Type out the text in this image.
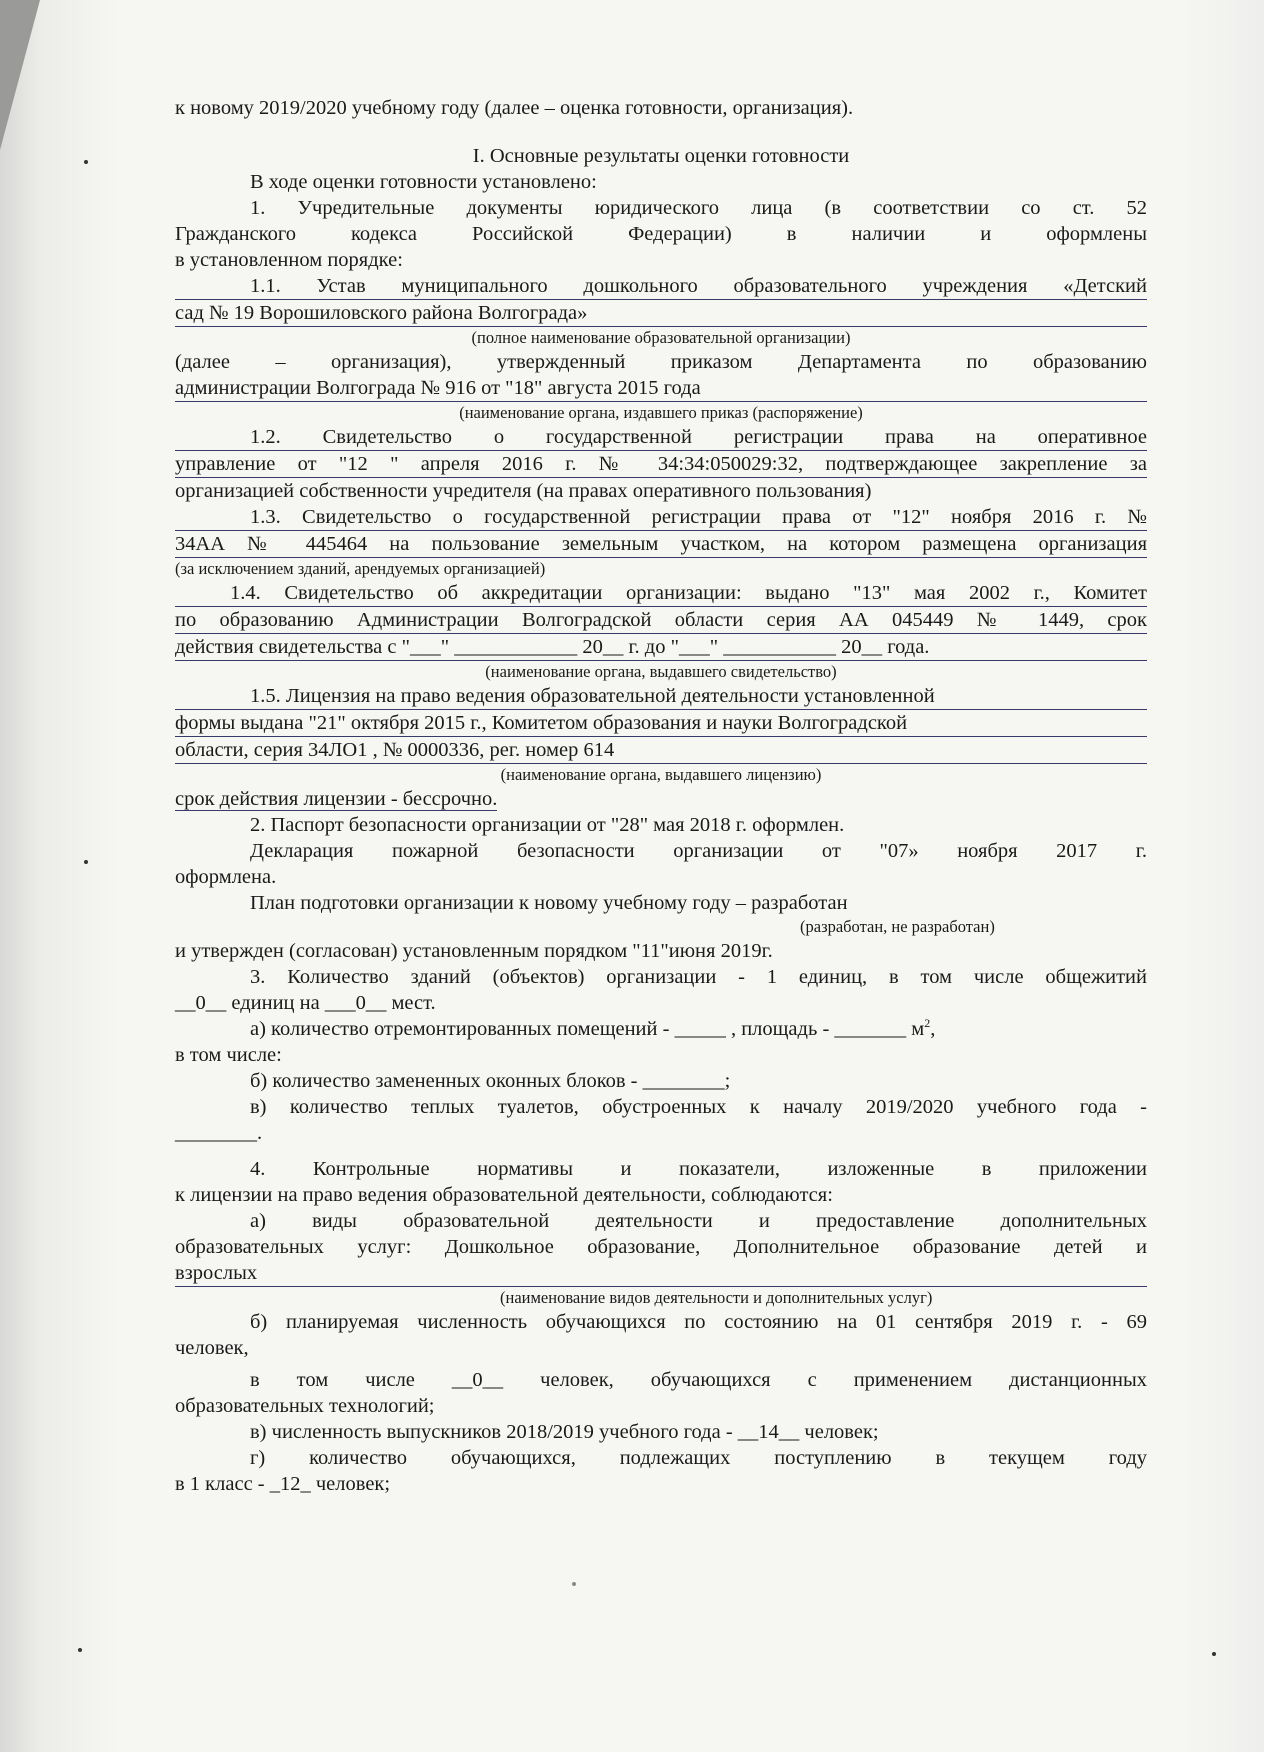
к новому 2019/2020 учебному году (далее – оценка готовности, организация).
I. Основные результаты оценки готовности
В ходе оценки готовности установлено:
1. Учредительные документы юридического лица (в соответствии со ст. 52
Гражданского кодекса Российской Федерации) в наличии и оформлены
в установленном порядке:
1.1. Устав муниципального дошкольного образовательного учреждения «Детский
сад № 19 Ворошиловского района Волгограда»
(полное наименование образовательной организации)
(далее – организация), утвержденный приказом Департамента по образованию
администрации Волгограда № 916 от "18" августа 2015 года
(наименование органа, издавшего приказ (распоряжение)
1.2. Свидетельство о государственной регистрации права на оперативное
управление от "12 " апреля 2016 г. № 34:34:050029:32, подтверждающее закрепление за
организацией собственности учредителя (на правах оперативного пользования)
1.3. Свидетельство о государственной регистрации права от "12" ноября 2016 г. №
34АА № 445464 на пользование земельным участком, на котором размещена организация
(за исключением зданий, арендуемых организацией)
1.4. Свидетельство об аккредитации организации: выдано "13" мая 2002 г., Комитет
по образованию Администрации Волгоградской области серия АА 045449 № 1449, срок
действия свидетельства с "___" ____________ 20__ г. до "___" ___________ 20__ года.
(наименование органа, выдавшего свидетельство)
1.5. Лицензия на право ведения образовательной деятельности установленной
формы выдана "21" октября 2015 г., Комитетом образования и науки Волгоградской
области, серия 34ЛО1 , № 0000336, рег. номер 614
(наименование органа, выдавшего лицензию)
срок действия лицензии - бессрочно.
2. Паспорт безопасности организации от "28" мая 2018 г. оформлен.
Декларация пожарной безопасности организации от "07» ноября 2017 г.
оформлена.
План подготовки организации к новому учебному году – разработан
(разработан, не разработан)
и утвержден (согласован) установленным порядком "11"июня 2019г.
3. Количество зданий (объектов) организации - 1 единиц, в том числе общежитий
__0__ единиц на ___0__ мест.
а) количество отремонтированных помещений - _____ , площадь - _______ $м^2$,
в том числе:
б) количество замененных оконных блоков - ________;
в) количество теплых туалетов, обустроенных к началу 2019/2020 учебного года -
________.
4. Контрольные нормативы и показатели, изложенные в приложении
к лицензии на право ведения образовательной деятельности, соблюдаются:
а) виды образовательной деятельности и предоставление дополнительных
образовательных услуг: Дошкольное образование, Дополнительное образование детей и
взрослых
(наименование видов деятельности и дополнительных услуг)
б) планируемая численность обучающихся по состоянию на 01 сентября 2019 г. - 69
человек,
в том числе __0__ человек, обучающихся с применением дистанционных
образовательных технологий;
в) численность выпускников 2018/2019 учебного года - __14__ человек;
г) количество обучающихся, подлежащих поступлению в текущем году
в 1 класс - _12_ человек;
